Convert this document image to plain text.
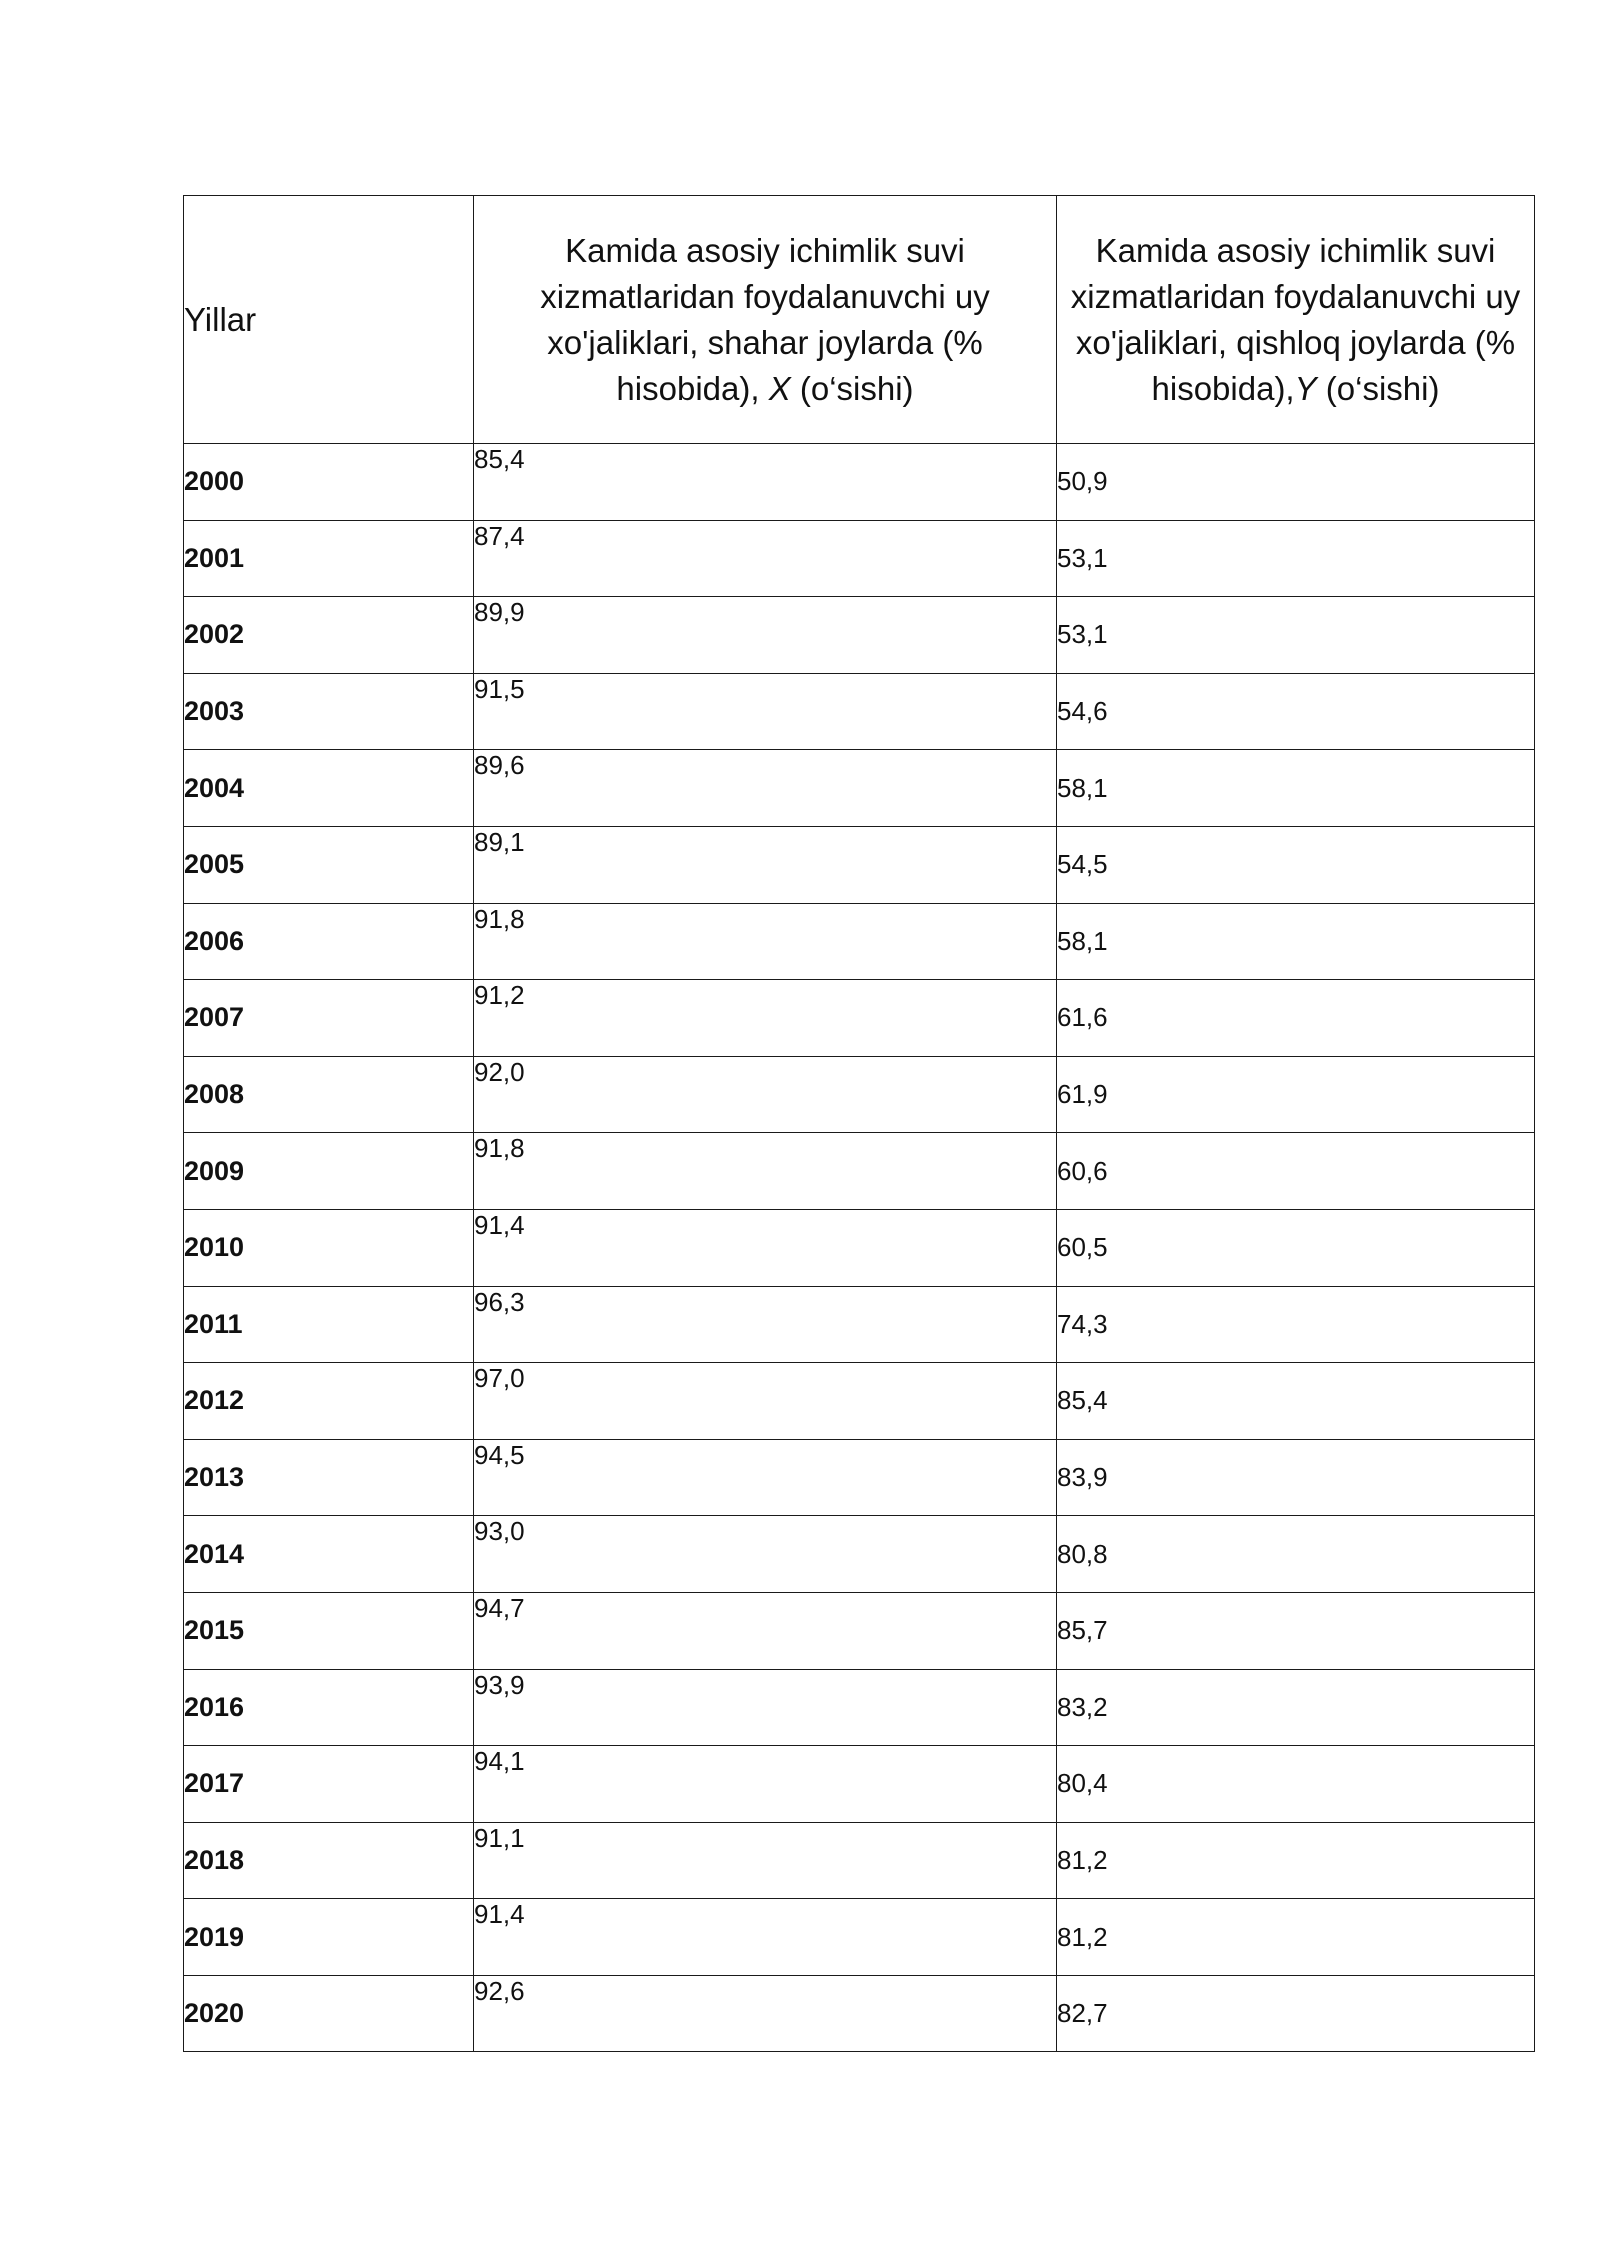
Yillar	Kamida asosiy ichimlik suvi xizmatlaridan foydalanuvchi uy xo'jaliklari, shahar joylarda (% hisobida), X (o‘sishi)	Kamida asosiy ichimlik suvi xizmatlaridan foydalanuvchi uy xo'jaliklari, qishloq joylarda (% hisobida),Y (o‘sishi)

2000	85,4	50,9
2001	87,4	53,1
2002	89,9	53,1
2003	91,5	54,6
2004	89,6	58,1
2005	89,1	54,5
2006	91,8	58,1
2007	91,2	61,6
2008	92,0	61,9
2009	91,8	60,6
2010	91,4	60,5
2011	96,3	74,3
2012	97,0	85,4
2013	94,5	83,9
2014	93,0	80,8
2015	94,7	85,7
2016	93,9	83,2
2017	94,1	80,4
2018	91,1	81,2
2019	91,4	81,2
2020	92,6	82,7
